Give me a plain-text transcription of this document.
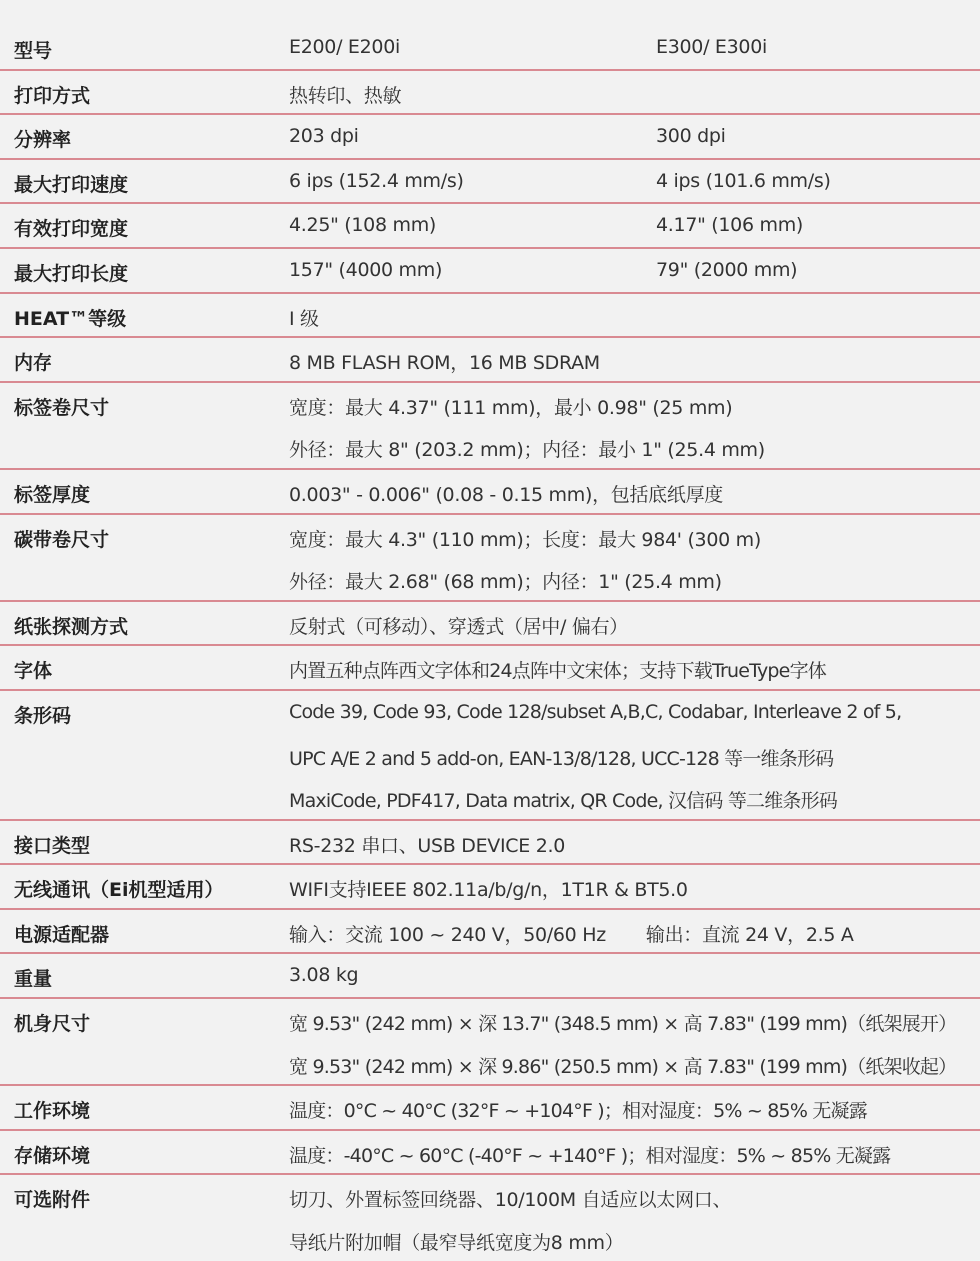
型号	E200/ E200i	E300/ E300i
打印方式	热转印、热敏
分辨率	203 dpi	300 dpi
最大打印速度	6 ips (152.4 mm/s)	4 ips (101.6 mm/s)
有效打印宽度	4.25" (108 mm)	4.17" (106 mm)
最大打印长度	157" (4000 mm)	79" (2000 mm)
HEAT™等级	I 级
内存	8 MB FLASH ROM，16 MB SDRAM
标签卷尺寸	宽度：最大 4.37" (111 mm)，最小 0.98" (25 mm)
外径：最大 8" (203.2 mm)；内径：最小 1" (25.4 mm)
标签厚度	0.003" - 0.006" (0.08 - 0.15 mm)，包括底纸厚度
碳带卷尺寸	宽度：最大 4.3" (110 mm)；长度：最大 984' (300 m)
外径：最大 2.68" (68 mm)；内径：1" (25.4 mm)
纸张探测方式	反射式（可移动）、穿透式（居中/ 偏右）
字体	内置五种点阵西文字体和24点阵中文宋体；支持下载TrueType字体
条形码	Code 39, Code 93, Code 128/subset A,B,C, Codabar, Interleave 2 of 5,
UPC A/E 2 and 5 add-on, EAN-13/8/128, UCC-128 等一维条形码
MaxiCode, PDF417, Data matrix, QR Code, 汉信码 等二维条形码
接口类型	RS-232 串口、USB DEVICE 2.0
无线通讯（Ei机型适用）	WIFI支持IEEE 802.11a/b/g/n，1T1R & BT5.0
电源适配器	输入：交流 100 ~ 240 V，50/60 Hz 输出：直流 24 V，2.5 A
重量	3.08 kg
机身尺寸	宽 9.53" (242 mm) × 深 13.7" (348.5 mm) × 高 7.83" (199 mm)（纸架展开）
宽 9.53" (242 mm) × 深 9.86" (250.5 mm) × 高 7.83" (199 mm)（纸架收起）
工作环境	温度：0°C ~ 40°C (32°F ~ +104°F )；相对湿度：5% ~ 85% 无凝露
存储环境	温度：-40°C ~ 60°C (-40°F ~ +140°F )；相对湿度：5% ~ 85% 无凝露
可选附件	切刀、外置标签回绕器、10/100M 自适应以太网口、
导纸片附加帽（最窄导纸宽度为8 mm）
